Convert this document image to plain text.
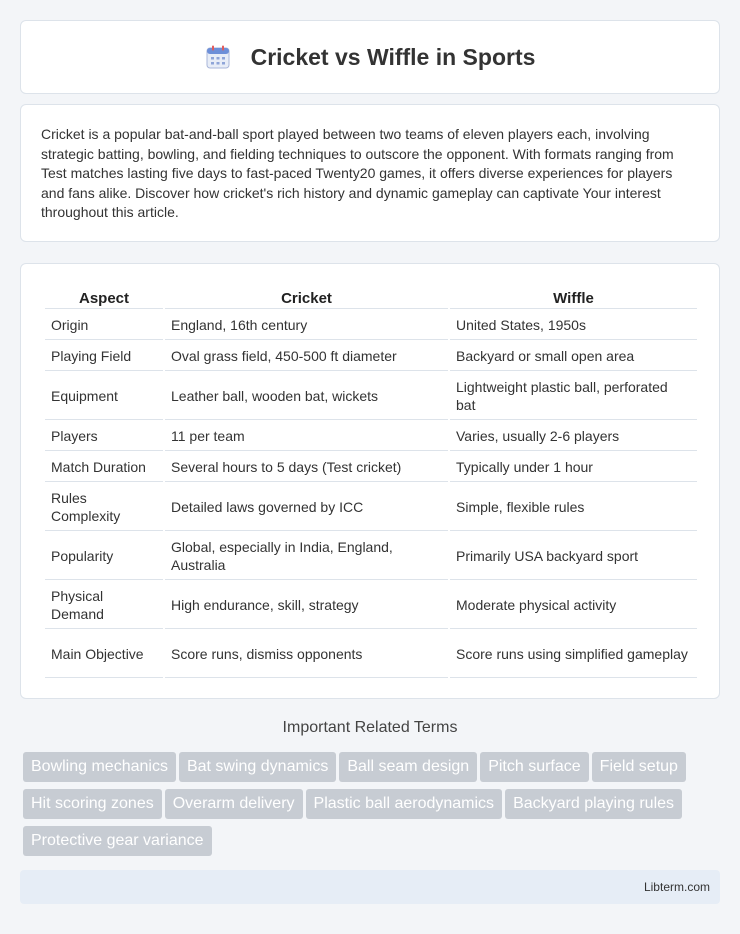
Cricket vs Wiffle in Sports

Cricket is a popular bat-and-ball sport played between two teams of eleven players each, involving strategic batting, bowling, and fielding techniques to outscore the opponent. With formats ranging from Test matches lasting five days to fast-paced Twenty20 games, it offers diverse experiences for players and fans alike. Discover how cricket's rich history and dynamic gameplay can captivate Your interest throughout this article.

Aspect	Cricket	Wiffle
Origin	England, 16th century	United States, 1950s
Playing Field	Oval grass field, 450-500 ft diameter	Backyard or small open area
Equipment	Leather ball, wooden bat, wickets	Lightweight plastic ball, perforated bat
Players	11 per team	Varies, usually 2-6 players
Match Duration	Several hours to 5 days (Test cricket)	Typically under 1 hour
Rules Complexity	Detailed laws governed by ICC	Simple, flexible rules
Popularity	Global, especially in India, England, Australia	Primarily USA backyard sport
Physical Demand	High endurance, skill, strategy	Moderate physical activity
Main Objective	Score runs, dismiss opponents	Score runs using simplified gameplay
Important Related Terms
Bowling mechanics Bat swing dynamics Ball seam design Pitch surface Field setup
Hit scoring zones Overarm delivery Plastic ball aerodynamics Backyard playing rules
Protective gear variance
Libterm.com
